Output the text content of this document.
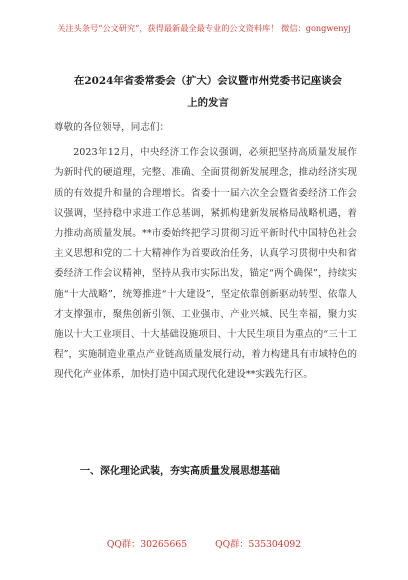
关注头条号“公文研究”，获得最新最全最专业的公文资料库！ 微信：gongwenyj
在2024年省委常委会（扩大）会议暨市州党委书记座谈会
上的发言

尊敬的各位领导，同志们：

2023年12月，中央经济工作会议强调，必须把坚持高质量发展作为新时代的硬道理，完整、准确、全面贯彻新发展理念，推动经济实现质的有效提升和量的合理增长。省委十一届六次全会暨省委经济工作会议强调，坚持稳中求进工作总基调，紧抓构建新发展格局战略机遇，着力推动高质量发展。**市委始终把学习贯彻习近平新时代中国特色社会主义思想和党的二十大精神作为首要政治任务，认真学习贯彻中央和省委经济工作会议精神，坚持从我市实际出发，锚定“两个确保”，持续实施“十大战略”，统筹推进“十大建设”，坚定依靠创新驱动转型、依靠人才支撑强市，聚焦创新引领、工业强市、产业兴城、民生幸福，聚力实施以十大工业项目、十大基础设施项目、十大民生项目为重点的“三十工程”，实施制造业重点产业链高质量发展行动，着力构建具有市域特色的现代化产业体系，加快打造中国式现代化建设**实践先行区。

一、深化理论武装，夯实高质量发展思想基础
QQ群：30265665	QQ群：535304092
